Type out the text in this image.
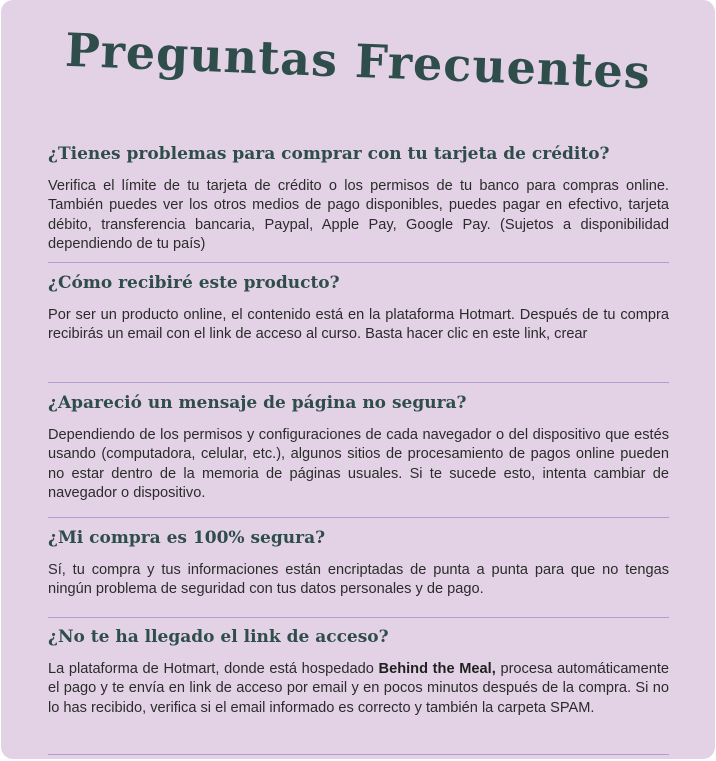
Preguntas Frecuentes
¿Tienes problemas para comprar con tu tarjeta de crédito?

Verifica el límite de tu tarjeta de crédito o los permisos de tu banco para compras online. También puedes ver los otros medios de pago disponibles, puedes pagar en efectivo, tarjeta débito, transferencia bancaria, Paypal, Apple Pay, Google Pay. (Sujetos a disponibilidad dependiendo de tu país)

¿Cómo recibiré este producto?

Por ser un producto online, el contenido está en la plataforma Hotmart. Después de tu compra recibirás un email con el link de acceso al curso. Basta hacer clic en este link, crear

¿Apareció un mensaje de página no segura?

Dependiendo de los permisos y configuraciones de cada navegador o del dispositivo que estés usando (computadora, celular, etc.), algunos sitios de procesamiento de pagos online pueden no estar dentro de la memoria de páginas usuales. Si te sucede esto, intenta cambiar de navegador o dispositivo.

¿Mi compra es 100% segura?

Sí, tu compra y tus informaciones están encriptadas de punta a punta para que no tengas ningún problema de seguridad con tus datos personales y de pago.

¿No te ha llegado el link de acceso?

La plataforma de Hotmart, donde está hospedado Behind the Meal, procesa automáticamente el pago y te envía en link de acceso por email y en pocos minutos después de la compra. Si no lo has recibido, verifica si el email informado es correcto y también la carpeta SPAM.
